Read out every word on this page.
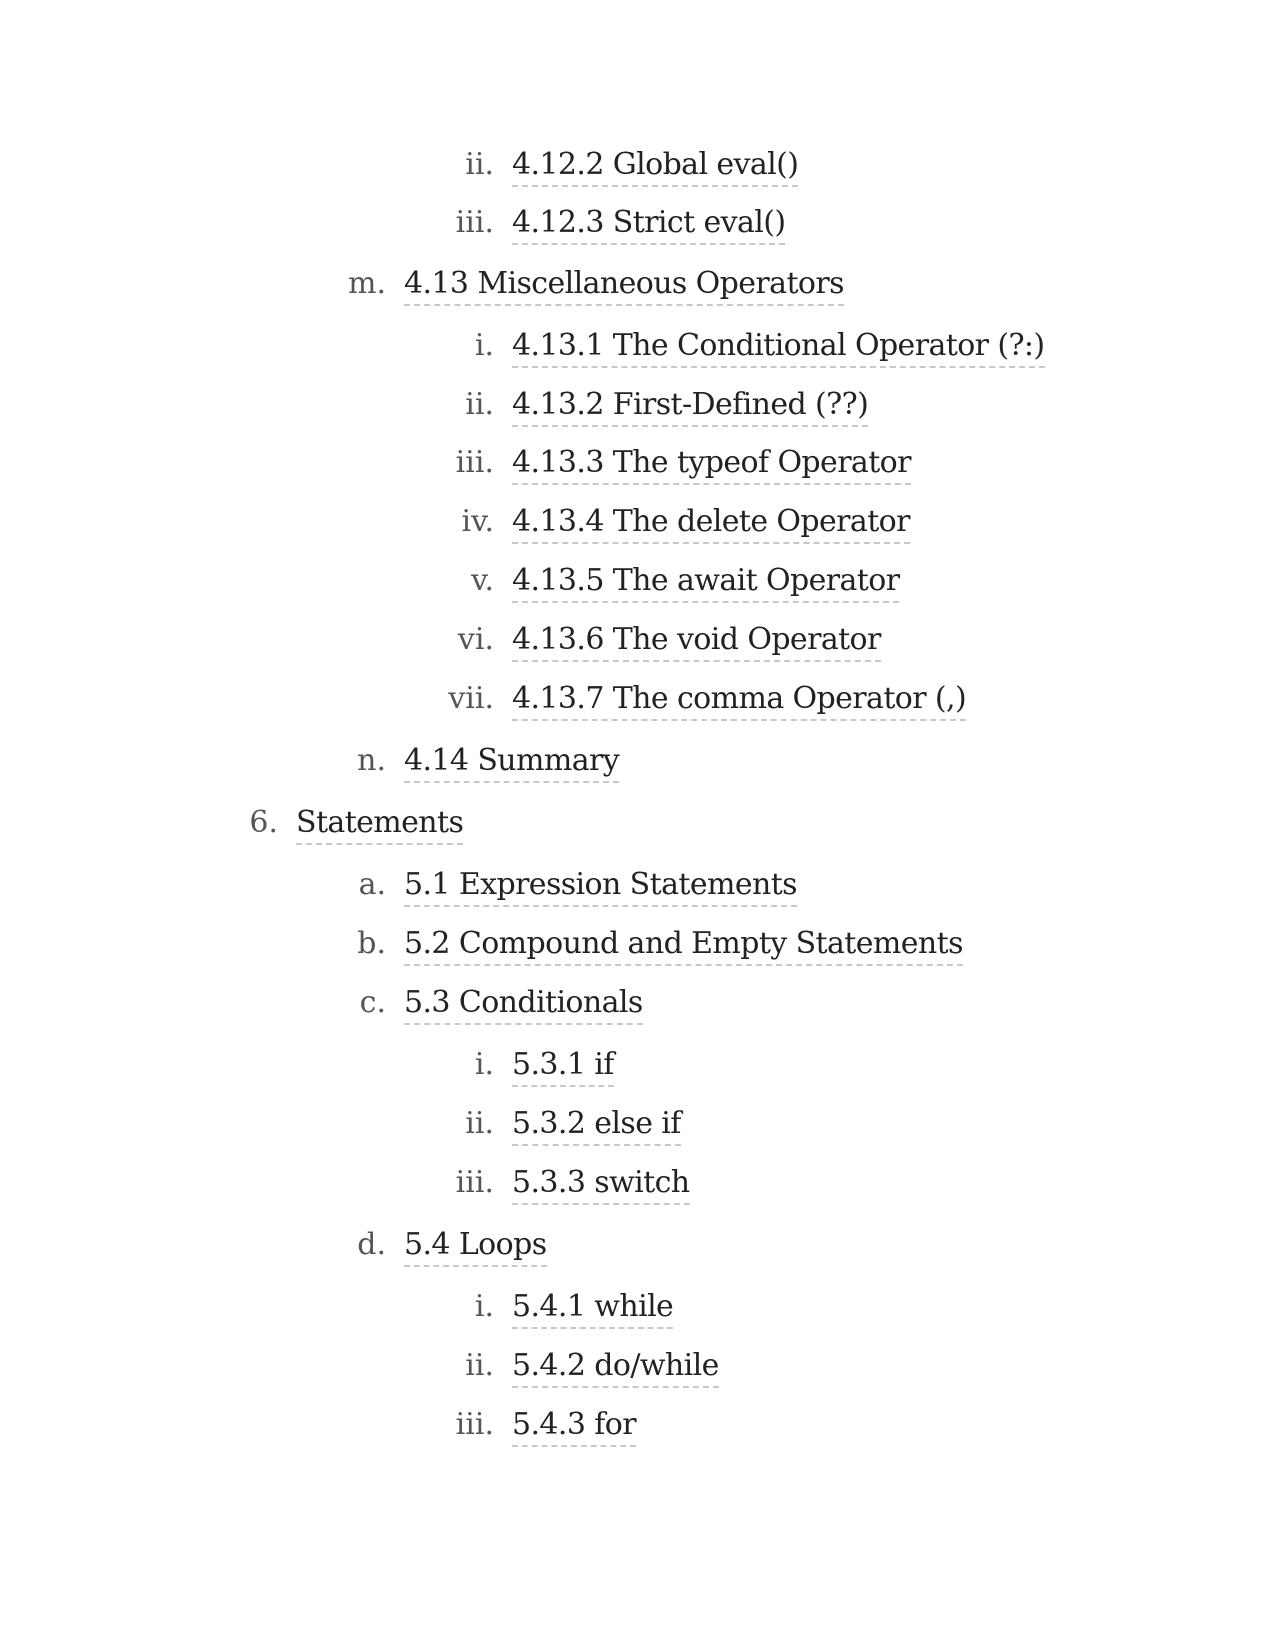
ii. 4.12.2 Global eval()
iii. 4.12.3 Strict eval()
m. 4.13 Miscellaneous Operators
i. 4.13.1 The Conditional Operator (?:)
ii. 4.13.2 First-Defined (??)
iii. 4.13.3 The typeof Operator
iv. 4.13.4 The delete Operator
v. 4.13.5 The await Operator
vi. 4.13.6 The void Operator
vii. 4.13.7 The comma Operator (,)
n. 4.14 Summary
6. Statements
a. 5.1 Expression Statements
b. 5.2 Compound and Empty Statements
c. 5.3 Conditionals
i. 5.3.1 if
ii. 5.3.2 else if
iii. 5.3.3 switch
d. 5.4 Loops
i. 5.4.1 while
ii. 5.4.2 do/while
iii. 5.4.3 for
